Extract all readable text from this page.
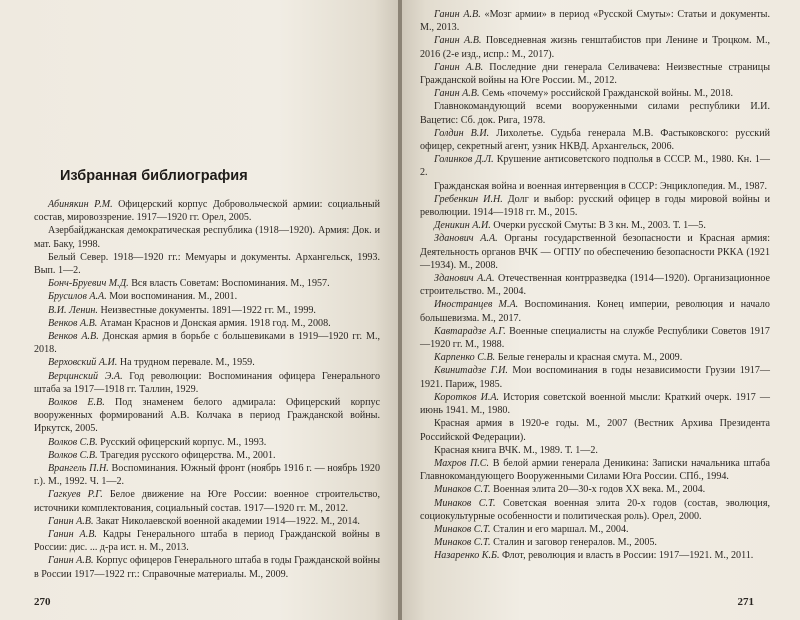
Избранная библиография
Абинякин Р.М. Офицерский корпус Добровольческой армии: социальный состав, мировоззрение. 1917—1920 гг. Орел, 2005.
Азербайджанская демократическая республика (1918—1920). Армия: Док. и мат. Баку, 1998.
Белый Север. 1918—1920 гг.: Мемуары и документы. Архангельск, 1993. Вып. 1—2.
Бонч-Бруевич М.Д. Вся власть Советам: Воспоминания. М., 1957.
Брусилов А.А. Мои воспоминания. М., 2001.
В.И. Ленин. Неизвестные документы. 1891—1922 гг. М., 1999.
Венков А.В. Атаман Краснов и Донская армия. 1918 год. М., 2008.
Венков А.В. Донская армия в борьбе с большевиками в 1919—1920 гг. М., 2018.
Верховский А.И. На трудном перевале. М., 1959.
Верцинский Э.А. Год революции: Воспоминания офицера Генерального штаба за 1917—1918 гг. Таллин, 1929.
Волков Е.В. Под знаменем белого адмирала: Офицерский корпус вооруженных формирований А.В. Колчака в период Гражданской войны. Иркутск, 2005.
Волков С.В. Русский офицерский корпус. М., 1993.
Волков С.В. Трагедия русского офицерства. М., 2001.
Врангель П.Н. Воспоминания. Южный фронт (ноябрь 1916 г. — ноябрь 1920 г.). М., 1992. Ч. 1—2.
Гагкуев Р.Г. Белое движение на Юге России: военное строительство, источники комплектования, социальный состав. 1917—1920 гг. М., 2012.
Ганин А.В. Закат Николаевской военной академии 1914—1922. М., 2014.
Ганин А.В. Кадры Генерального штаба в период Гражданской войны в России: дис. ... д-ра ист. н. М., 2013.
Ганин А.В. Корпус офицеров Генерального штаба в годы Гражданской войны в России 1917—1922 гг.: Справочные материалы. М., 2009.
270
Ганин А.В. «Мозг армии» в период «Русской Смуты»: Статьи и документы. М., 2013.
Ганин А.В. Повседневная жизнь генштабистов при Ленине и Троцком. М., 2016 (2-е изд., испр.: М., 2017).
Ганин А.В. Последние дни генерала Селивачева: Неизвестные страницы Гражданской войны на Юге России. М., 2012.
Ганин А.В. Семь «почему» российской Гражданской войны. М., 2018.
Главнокомандующий всеми вооруженными силами республики И.И. Вацетис: Сб. док. Рига, 1978.
Голдин В.И. Лихолетье. Судьба генерала М.В. Фастыковского: русский офицер, секретный агент, узник НКВД. Архангельск, 2006.
Голинков Д.Л. Крушение антисоветского подполья в СССР. М., 1980. Кн. 1—2.
Гражданская война и военная интервенция в СССР: Энциклопедия. М., 1987.
Гребенкин И.Н. Долг и выбор: русский офицер в годы мировой войны и революции. 1914—1918 гг. М., 2015.
Деникин А.И. Очерки русской Смуты: В 3 кн. М., 2003. Т. 1—5.
Зданович А.А. Органы государственной безопасности и Красная армия: Деятельность органов ВЧК — ОГПУ по обеспечению безопасности РККА (1921—1934). М., 2008.
Зданович А.А. Отечественная контрразведка (1914—1920). Организационное строительство. М., 2004.
Иностранцев М.А. Воспоминания. Конец империи, революция и начало большевизма. М., 2017.
Кавтарадзе А.Г. Военные специалисты на службе Республики Советов 1917—1920 гг. М., 1988.
Карпенко С.В. Белые генералы и красная смута. М., 2009.
Квинитадзе Г.И. Мои воспоминания в годы независимости Грузии 1917—1921. Париж, 1985.
Коротков И.А. История советской военной мысли: Краткий очерк. 1917 — июнь 1941. М., 1980.
Красная армия в 1920-е годы. М., 2007 (Вестник Архива Президента Российской Федерации).
Красная книга ВЧК. М., 1989. Т. 1—2.
Махров П.С. В белой армии генерала Деникина: Записки начальника штаба Главнокомандующего Вооруженными Силами Юга России. СПб., 1994.
Минаков С.Т. Военная элита 20—30-х годов XX века. М., 2004.
Минаков С.Т. Советская военная элита 20-х годов (состав, эволюция, социокультурные особенности и политическая роль). Орел, 2000.
Минаков С.Т. Сталин и его маршал. М., 2004.
Минаков С.Т. Сталин и заговор генералов. М., 2005.
Назаренко К.Б. Флот, революция и власть в России: 1917—1921. М., 2011.
271
